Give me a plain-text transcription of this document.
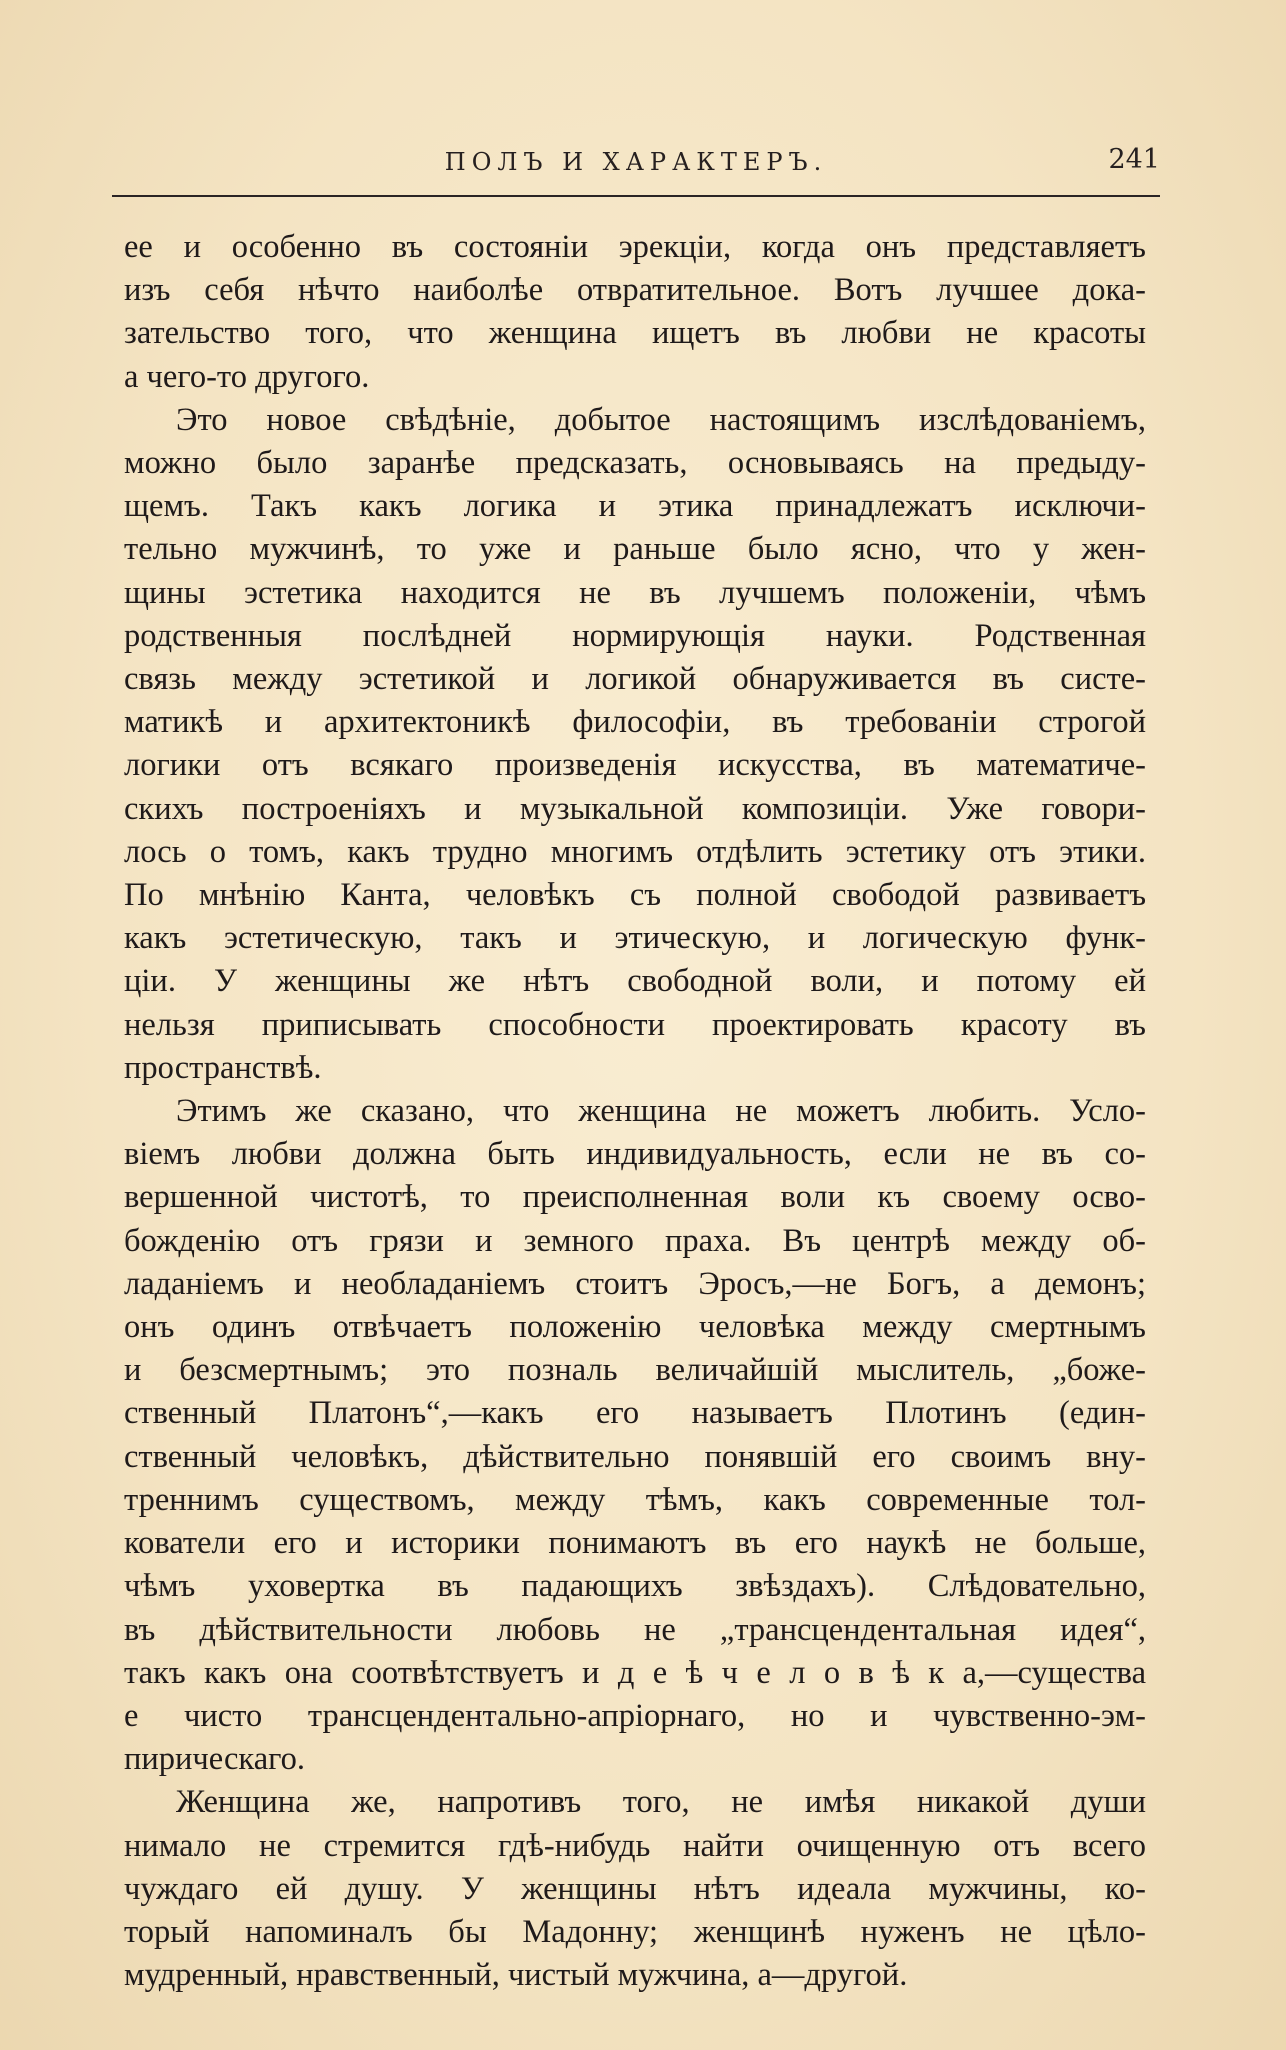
ПОЛЪ И ХАРАКТЕРЪ.	241

ее и особенно въ состоянiи эрекцiи, когда онъ представляетъ
изъ себя нѣчто наиболѣе отвратительное. Вотъ лучшее дока-
зательство того, что женщина ищетъ въ любви не красоты
а чего-то другого.

Это новое свѣдѣнiе, добытое настоящимъ изслѣдованiемъ,
можно было заранѣе предсказать, основываясь на предыду-
щемъ. Такъ какъ логика и этика принадлежатъ исключи-
тельно мужчинѣ, то уже и раньше было ясно, что у жен-
щины эстетика находится не въ лучшемъ положенiи, чѣмъ
родственныя послѣдней нормирующiя науки. Родственная
связь между эстетикой и логикой обнаруживается въ систе-
матикѣ и архитектоникѣ философiи, въ требованiи строгой
логики отъ всякаго произведенiя искусства, въ математиче-
скихъ построенiяхъ и музыкальной композицiи. Уже говори-
лось о томъ, какъ трудно многимъ отдѣлить эстетику отъ этики.
По мнѣнiю Канта, человѣкъ съ полной свободой развиваетъ
какъ эстетическую, такъ и этическую, и логическую функ-
цiи. У женщины же нѣтъ свободной воли, и потому ей
нельзя приписывать способности проектировать красоту въ
пространствѣ.

Этимъ же сказано, что женщина не можетъ любить. Усло-
вiемъ любви должна быть индивидуальность, если не въ со-
вершенной чистотѣ, то преисполненная воли къ своему осво-
божденiю отъ грязи и земного праха. Въ центрѣ между об-
ладанiемъ и необладанiемъ стоитъ Эросъ,—не Богъ, а демонъ;
онъ одинъ отвѣчаетъ положенiю человѣка между смертнымъ
и безсмертнымъ; это позналь величайшiй мыслитель, „боже-
ственный Платонъ“,—какъ его называетъ Плотинъ (един-
ственный человѣкъ, дѣйствительно понявшiй его своимъ вну-
треннимъ существомъ, между тѣмъ, какъ современные тол-
кователи его и историки понимаютъ въ его наукѣ не больше,
чѣмъ уховертка въ падающихъ звѣздахъ). Слѣдовательно,
въ дѣйствительности любовь не „трансцендентальная идея“,
такъ какъ она соотвѣтствуетъ и д е ѣ ч е л о в ѣ к а,—существа
е чисто трансцендентально-апрiорнаго, но и чувственно-эм-
пирическаго.

Женщина же, напротивъ того, не имѣя никакой души
нимало не стремится гдѣ-нибудь найти очищенную отъ всего
чуждаго ей душу. У женщины нѣтъ идеала мужчины, ко-
торый напоминалъ бы Мадонну; женщинѣ нуженъ не цѣло-
мудренный, нравственный, чистый мужчина, а—другой.
